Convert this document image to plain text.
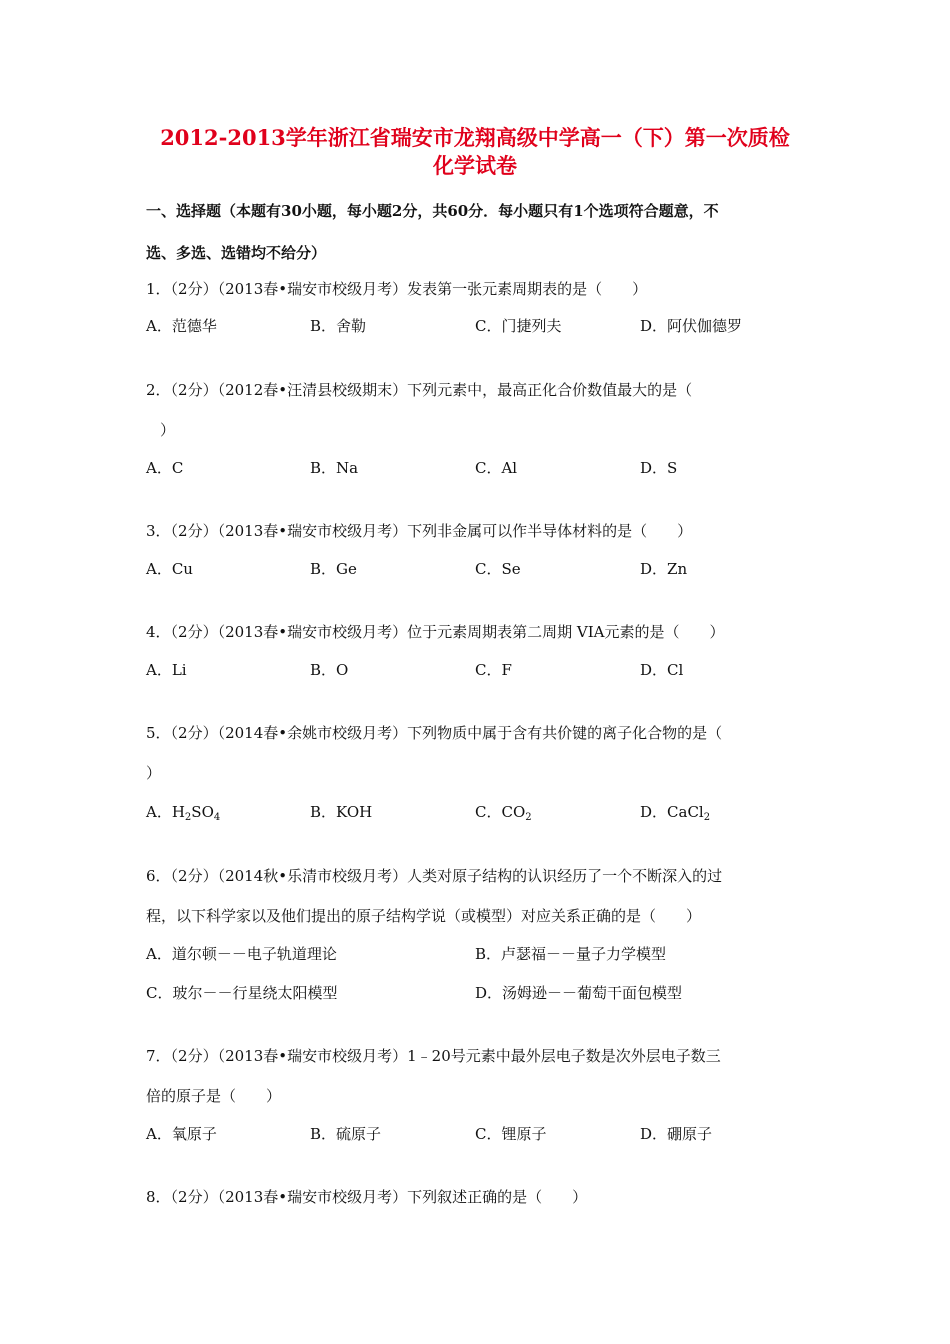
2012-2013学年浙江省瑞安市龙翔高级中学高一（下）第一次质检
化学试卷
一、选择题（本题有30小题，每小题2分，共60分．每小题只有1个选项符合题意，不
选、多选、选错均不给分）
1．（2分）（2013春•瑞安市校级月考）发表第一张元素周期表的是（　　）
A．范德华	B．舍勒	C．门捷列夫	D．阿伏伽德罗
2．（2分）（2012春•汪清县校级期末）下列元素中，最高正化合价数值最大的是（
）
A．C	B．Na	C．Al	D．S
3．（2分）（2013春•瑞安市校级月考）下列非金属可以作半导体材料的是（　　）
A．Cu	B．Ge	C．Se	D．Zn
4．（2分）（2013春•瑞安市校级月考）位于元素周期表第二周期 VIA元素的是（　　）
A．Li	B．O	C．F	D．Cl
5．（2分）（2014春•余姚市校级月考）下列物质中属于含有共价键的离子化合物的是（
）
A．$H_2SO_4$	B．KOH	C．$CO_2$	D．CaCl$_2$
6．（2分）（2014秋•乐清市校级月考）人类对原子结构的认识经历了一个不断深入的过
程，以下科学家以及他们提出的原子结构学说（或模型）对应关系正确的是（　　）
A．道尔顿－－电子轨道理论	B．卢瑟福－－量子力学模型
C．玻尔－－行星绕太阳模型	D．汤姆逊－－葡萄干面包模型
7．（2分）（2013春•瑞安市校级月考）1﹣20号元素中最外层电子数是次外层电子数三
倍的原子是（　　）
A．氧原子	B．硫原子	C．锂原子	D．硼原子
8．（2分）（2013春•瑞安市校级月考）下列叙述正确的是（　　）
